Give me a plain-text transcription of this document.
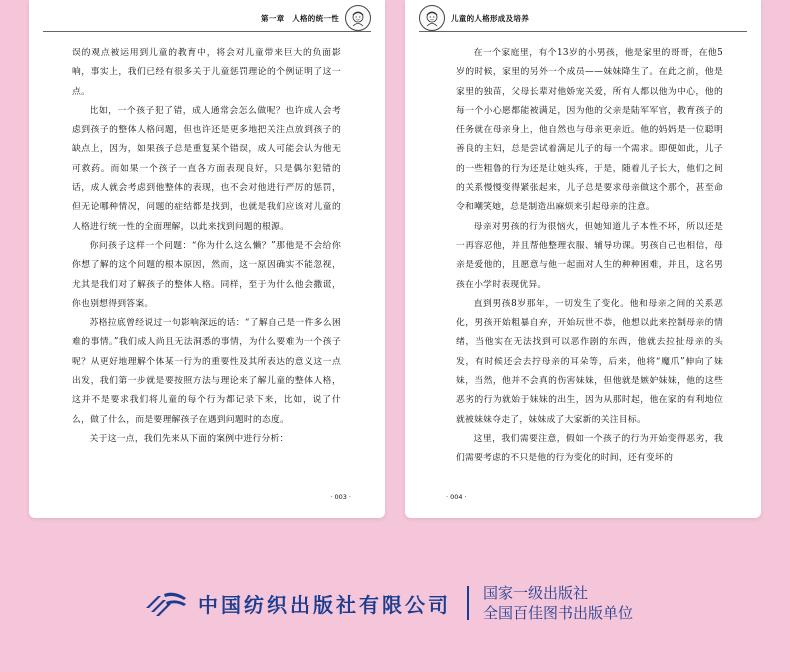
第一章　人格的统一性

误的观点被运用到儿童的教育中，将会对儿童带来巨大的负面影响，事实上，我们已经有很多关于儿童惩罚理论的个例证明了这一点。

比如，一个孩子犯了错，成人通常会怎么做呢？也许成人会考虑到孩子的整体人格问题，但也许还是更多地把关注点放到孩子的缺点上，因为，如果孩子总是重复某个错误，成人可能会认为他无可救药。而如果一个孩子一直各方面表现良好，只是偶尔犯错的话，成人就会考虑到他整体的表现，也不会对他进行严厉的惩罚，但无论哪种情况，问题的症结都是找到，也就是我们应该对儿童的人格进行统一性的全面理解，以此来找到问题的根源。

你问孩子这样一个问题：“你为什么这么懒？”那他是不会给你你想了解的这个问题的根本原因，然而，这一原因确实不能忽视，尤其是我们对了解孩子的整体人格。同样，至于为什么他会撒谎，你也别想得到答案。

苏格拉底曾经说过一句影响深远的话：“了解自己是一件多么困难的事情。”我们成人尚且无法洞悉的事情，为什么要难为一个孩子呢？从更好地理解个体某一行为的重要性及其所表达的意义这一点出发，我们第一步就是要按照方法与理论来了解儿童的整体人格，这并不是要求我们将儿童的每个行为都记录下来，比如，说了什么，做了什么，而是要理解孩子在遇到问题时的态度。

关于这一点，我们先来从下面的案例中进行分析：

· 003 ·
儿童的人格形成及培养

在一个家庭里，有个13岁的小男孩，他是家里的哥哥，在他5岁的时候，家里的另外一个成员——妹妹降生了。在此之前，他是家里的独苗，父母长辈对他娇宠关爱，所有人都以他为中心，他的每一个小心愿都能被满足，因为他的父亲是陆军军官，教育孩子的任务就在母亲身上，他自然也与母亲更亲近。他的妈妈是一位聪明善良的主妇，总是尝试着满足儿子的每一个需求。即便如此，儿子的一些粗鲁的行为还是让她头疼，于是，随着儿子长大，他们之间的关系慢慢变得紧张起来，儿子总是要求母亲做这个那个，甚至命令和嘲笑她，总是制造出麻烦来引起母亲的注意。

母亲对男孩的行为很恼火，但她知道儿子本性不坏，所以还是一再容忍他，并且帮他整理衣服、辅导功课。男孩自己也相信，母亲是爱他的，且愿意与他一起面对人生的种种困难，并且，这名男孩在小学时表现优异。

直到男孩8岁那年，一切发生了变化。他和母亲之间的关系恶化，男孩开始粗暴自弃，开始玩世不恭，他想以此来控制母亲的情绪，当他实在无法找到可以恶作剧的东西，他就去拉扯母亲的头发，有时候还会去拧母亲的耳朵等，后来，他将“魔爪”伸向了妹妹，当然，他并不会真的伤害妹妹，但他就是嫉妒妹妹，他的这些恶劣的行为就始于妹妹的出生，因为从那时起，他在家的有利地位就被妹妹夺走了，妹妹成了大家新的关注目标。

这里，我们需要注意，假如一个孩子的行为开始变得恶劣，我们需要考虑的不只是他的行为变化的时间，还有变坏的

· 004 ·
中国纺织出版社有限公司 国家一级出版社
全国百佳图书出版单位
